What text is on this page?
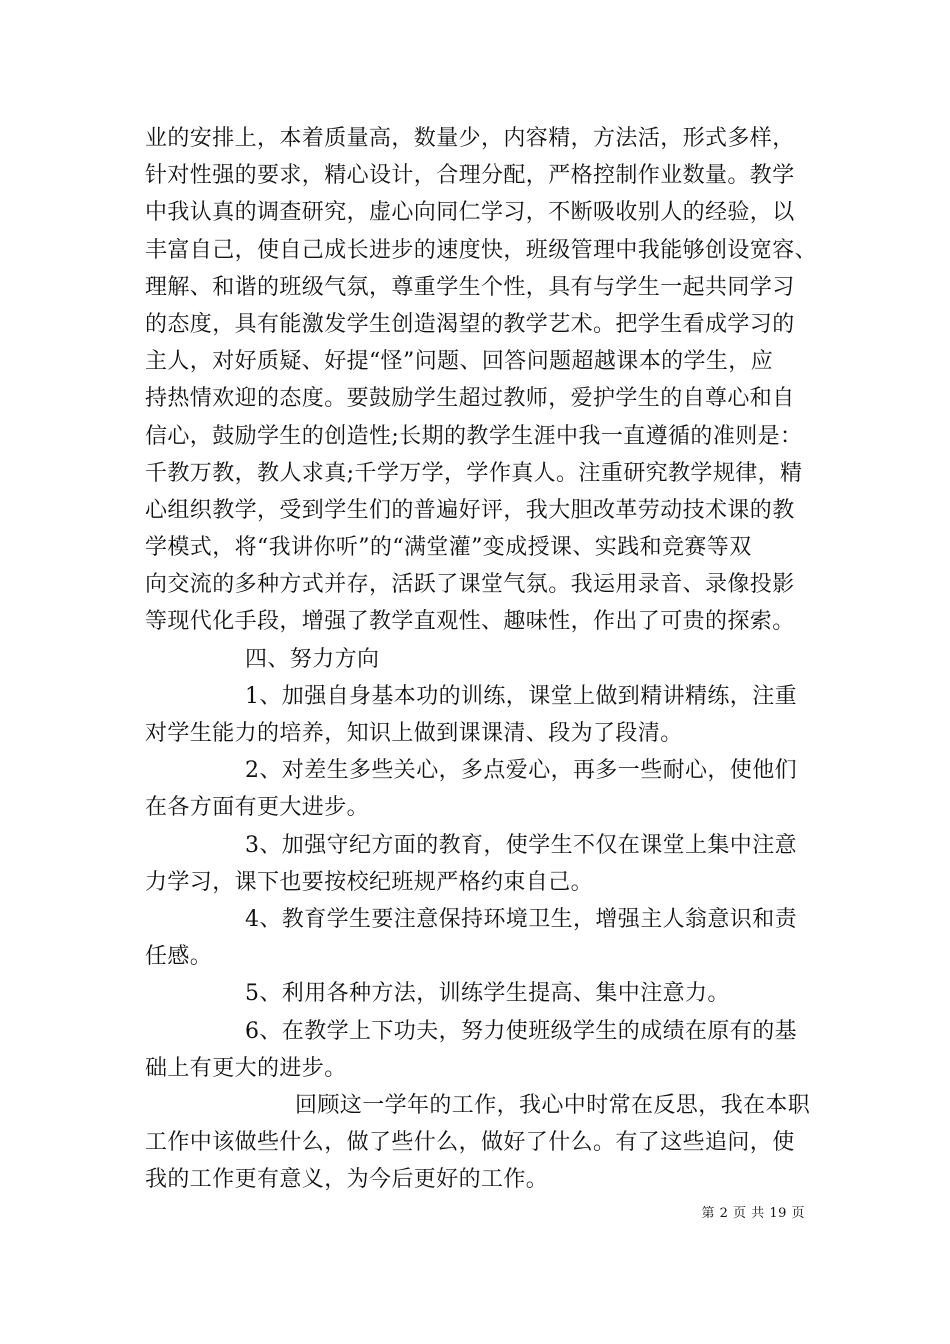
业的安排上，本着质量高，数量少，内容精，方法活，形式多样，
针对性强的要求，精心设计，合理分配，严格控制作业数量。教学
中我认真的调查研究，虚心向同仁学习，不断吸收别人的经验，以
丰富自己，使自己成长进步的速度快，班级管理中我能够创设宽容、
理解、和谐的班级气氛，尊重学生个性，具有与学生一起共同学习
的态度，具有能激发学生创造渴望的教学艺术。把学生看成学习的
主人，对好质疑、好提“怪”问题、回答问题超越课本的学生，应
持热情欢迎的态度。要鼓励学生超过教师，爱护学生的自尊心和自
信心，鼓励学生的创造性;长期的教学生涯中我一直遵循的准则是：
千教万教，教人求真;千学万学，学作真人。注重研究教学规律，精
心组织教学，受到学生们的普遍好评，我大胆改革劳动技术课的教
学模式，将“我讲你听”的“满堂灌”变成授课、实践和竞赛等双
向交流的多种方式并存，活跃了课堂气氛。我运用录音、录像投影
等现代化手段，增强了教学直观性、趣味性，作出了可贵的探索。
四、努力方向
1、加强自身基本功的训练，课堂上做到精讲精练，注重
对学生能力的培养，知识上做到课课清、段为了段清。
2、对差生多些关心，多点爱心，再多一些耐心，使他们
在各方面有更大进步。
3、加强守纪方面的教育，使学生不仅在课堂上集中注意
力学习，课下也要按校纪班规严格约束自己。
4、教育学生要注意保持环境卫生，增强主人翁意识和责
任感。
5、利用各种方法，训练学生提高、集中注意力。
6、在教学上下功夫，努力使班级学生的成绩在原有的基
础上有更大的进步。
回顾这一学年的工作，我心中时常在反思，我在本职
工作中该做些什么，做了些什么，做好了什么。有了这些追问，使
我的工作更有意义，为今后更好的工作。
第 2 页 共 19 页
